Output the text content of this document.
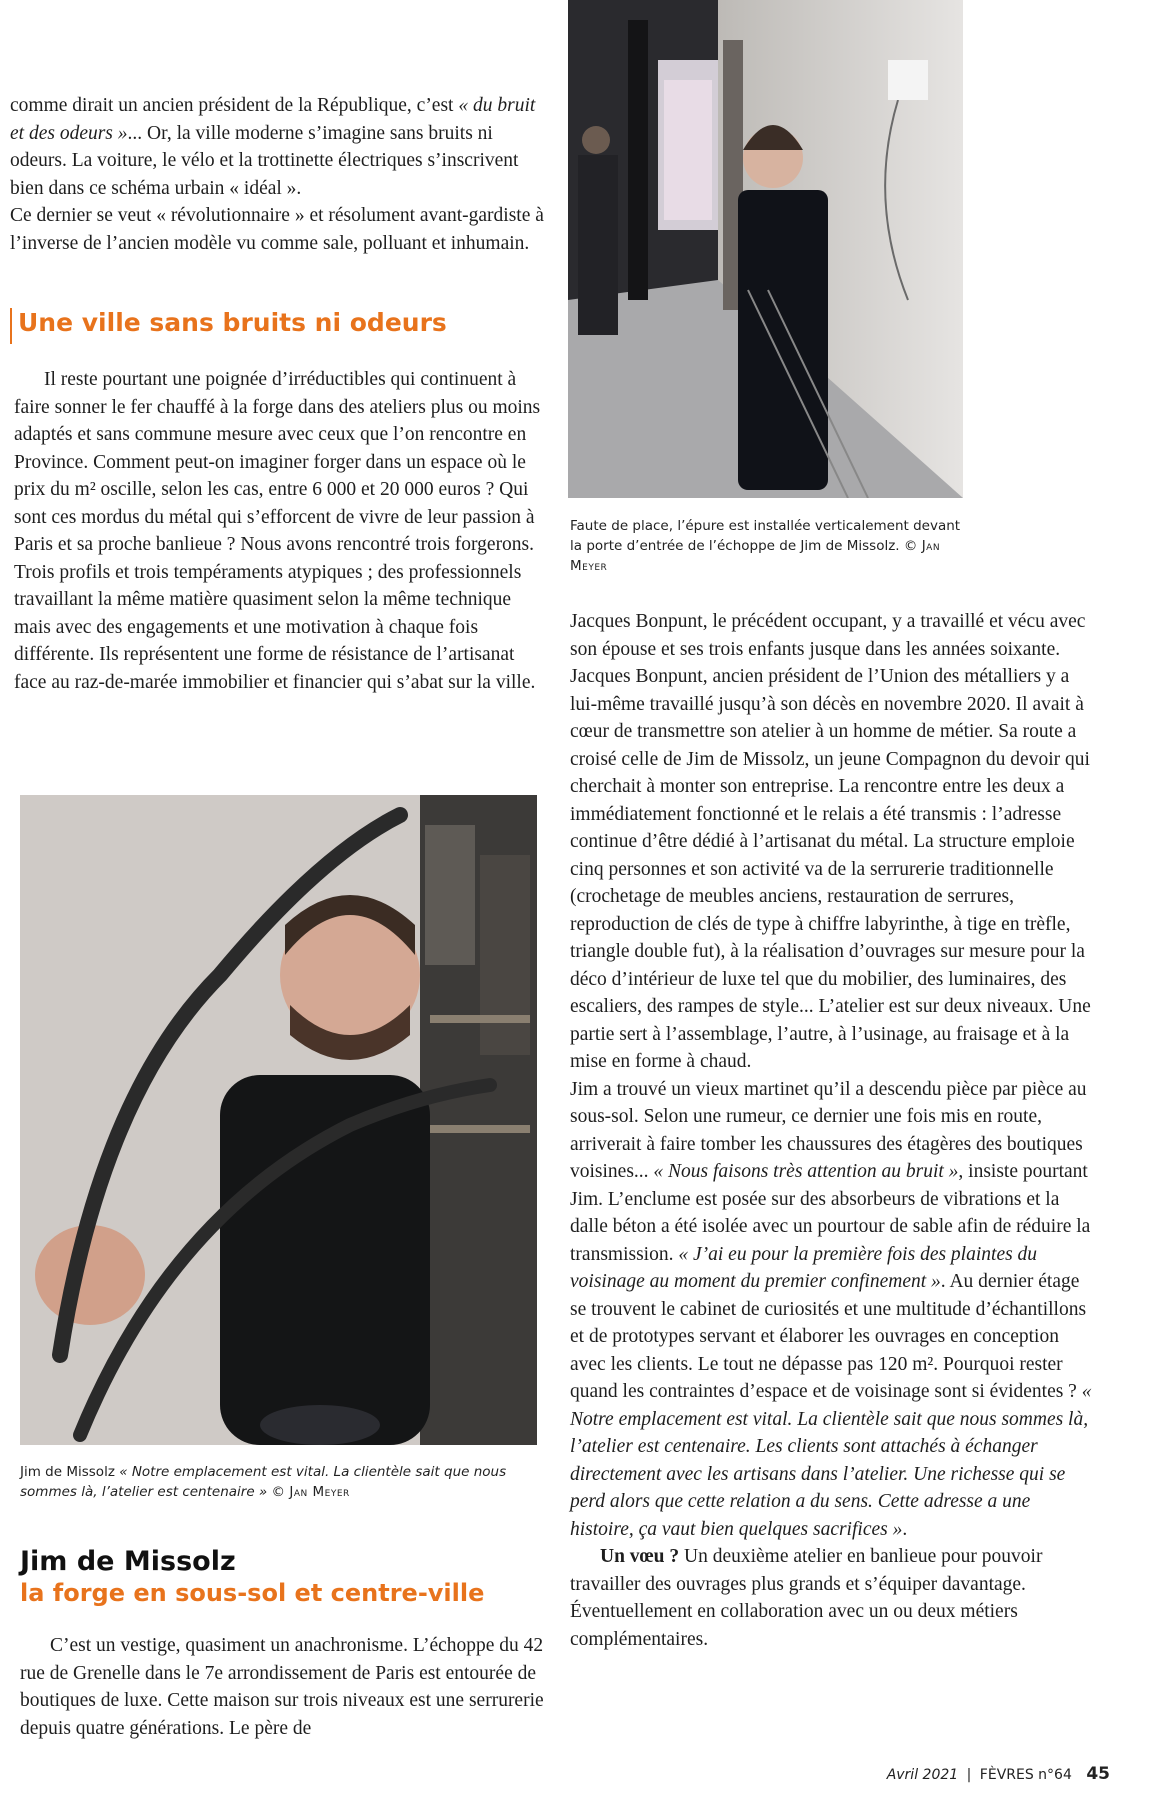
comme dirait un ancien président de la République, c’est « du bruit et des odeurs »... Or, la ville moderne s’imagine sans bruits ni odeurs. La voiture, le vélo et la trottinette électriques s’inscrivent bien dans ce schéma urbain « idéal ».

Ce dernier se veut « révolutionnaire » et résolument avant-gardiste à l’inverse de l’ancien modèle vu comme sale, polluant et inhumain.

Une ville sans bruits ni odeurs

Il reste pourtant une poignée d’irréductibles qui continuent à faire sonner le fer chauffé à la forge dans des ateliers plus ou moins adaptés et sans commune mesure avec ceux que l’on rencontre en Province. Comment peut-on imaginer forger dans un espace où le prix du m² oscille, selon les cas, entre 6 000 et 20 000 euros ? Qui sont ces mordus du métal qui s’efforcent de vivre de leur passion à Paris et sa proche banlieue ? Nous avons rencontré trois forgerons. Trois profils et trois tempéraments atypiques ; des professionnels travaillant la même matière quasiment selon la même technique mais avec des engagements et une motivation à chaque fois différente. Ils représentent une forme de résistance de l’artisanat face au raz-de-marée immobilier et financier qui s’abat sur la ville.

Faute de place, l’épure est installée verticalement devant la porte d’entrée de l’échoppe de Jim de Missolz. © Jan Meyer
Jim de Missolz « Notre emplacement est vital. La clientèle sait que nous sommes là, l’atelier est centenaire » © Jan Meyer
Jim de Missolz
la forge en sous-sol et centre-ville

C’est un vestige, quasiment un anachronisme. L’échoppe du 42 rue de Grenelle dans le 7e arrondissement de Paris est entourée de boutiques de luxe. Cette maison sur trois niveaux est une serrurerie depuis quatre générations. Le père de

Jacques Bonpunt, le précédent occupant, y a travaillé et vécu avec son épouse et ses trois enfants jusque dans les années soixante. Jacques Bonpunt, ancien président de l’Union des métalliers y a lui-même travaillé jusqu’à son décès en novembre 2020. Il avait à cœur de transmettre son atelier à un homme de métier. Sa route a croisé celle de Jim de Missolz, un jeune Compagnon du devoir qui cherchait à monter son entreprise. La rencontre entre les deux a immédiatement fonctionné et le relais a été transmis : l’adresse continue d’être dédié à l’artisanat du métal. La structure emploie cinq personnes et son activité va de la serrurerie traditionnelle (crochetage de meubles anciens, restauration de serrures, reproduction de clés de type à chiffre labyrinthe, à tige en trèfle, triangle double fut), à la réalisation d’ouvrages sur mesure pour la déco d’intérieur de luxe tel que du mobilier, des luminaires, des escaliers, des rampes de style... L’atelier est sur deux niveaux. Une partie sert à l’assemblage, l’autre, à l’usinage, au fraisage et à la mise en forme à chaud.

Jim a trouvé un vieux martinet qu’il a descendu pièce par pièce au sous-sol. Selon une rumeur, ce dernier une fois mis en route, arriverait à faire tomber les chaussures des étagères des boutiques voisines... « Nous faisons très attention au bruit », insiste pourtant Jim. L’enclume est posée sur des absorbeurs de vibrations et la dalle béton a été isolée avec un pourtour de sable afin de réduire la transmission. « J’ai eu pour la première fois des plaintes du voisinage au moment du premier confinement ». Au dernier étage se trouvent le cabinet de curiosités et une multitude d’échantillons et de prototypes servant et élaborer les ouvrages en conception avec les clients. Le tout ne dépasse pas 120 m². Pourquoi rester quand les contraintes d’espace et de voisinage sont si évidentes ? « Notre emplacement est vital. La clientèle sait que nous sommes là, l’atelier est centenaire. Les clients sont attachés à échanger directement avec les artisans dans l’atelier. Une richesse qui se perd alors que cette relation a du sens. Cette adresse a une histoire, ça vaut bien quelques sacrifices ».

Un vœu ? Un deuxième atelier en banlieue pour pouvoir travailler des ouvrages plus grands et s’équiper davantage. Éventuellement en collaboration avec un ou deux métiers complémentaires.

Avril 2021 | FÈVRES n°64 45
